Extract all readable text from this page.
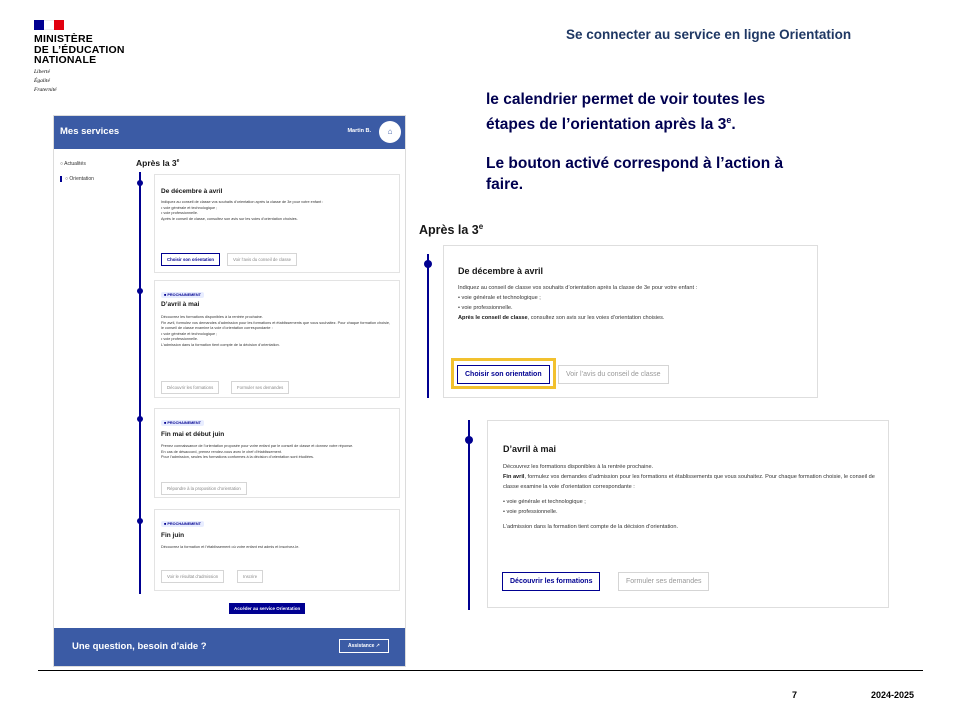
MINISTÈRE
DE L’ÉDUCATION
NATIONALE
Liberté
Égalité
Fraternité
Se connecter au service en ligne Orientation

le calendrier permet de voir toutes les étapes de l’orientation après la 3e.

Le bouton activé correspond à l’action à faire.

Mes services	Martin B.	⌂
○ Actualités
○ Orientation
Après la 3e
De décembre à avril
Indiquez au conseil de classe vos souhaits d’orientation après la classe de 3e pour votre enfant :
• voie générale et technologique ;
• voie professionnelle.
Après le conseil de classe, consultez son avis sur les voies d’orientation choisies.
Choisir son orientation	Voir l’avis du conseil de classe
■ PROCHAINEMENT
D’avril à mai
Découvrez les formations disponibles à la rentrée prochaine.
Fin avril, formulez vos demandes d’admission pour les formations et établissements que vous souhaitez. Pour chaque formation choisie, le conseil de classe examine la voie d’orientation correspondante :
• voie générale et technologique ;
• voie professionnelle.
L’admission dans la formation tient compte de la décision d’orientation.
Découvrir les formations	Formuler ses demandes
■ PROCHAINEMENT
Fin mai et début juin
Prenez connaissance de l’orientation proposée pour votre enfant par le conseil de classe et donnez votre réponse.
En cas de désaccord, prenez rendez-vous avec le chef d’établissement.
Pour l’admission, seules les formations conformes à la décision d’orientation sont étudiées.
Répondre à la proposition d’orientation
■ PROCHAINEMENT
Fin juin
Découvrez la formation et l’établissement où votre enfant est admis et inscrivez-le.
Voir le résultat d’admission	Inscrire
Accéder au service Orientation
Une question, besoin d’aide ?	Assistance ↗
Après la 3e
De décembre à avril
Indiquez au conseil de classe vos souhaits d’orientation après la classe de 3e pour votre enfant :
• voie générale et technologique ;
• voie professionnelle.
Après le conseil de classe, consultez son avis sur les voies d’orientation choisies.
Choisir son orientation	Voir l’avis du conseil de classe
D’avril à mai
Découvrez les formations disponibles à la rentrée prochaine.
Fin avril, formulez vos demandes d’admission pour les formations et établissements que vous souhaitez. Pour chaque formation choisie, le conseil de classe examine la voie d’orientation correspondante :
• voie générale et technologique ;
• voie professionnelle.
L’admission dans la formation tient compte de la décision d’orientation.
Découvrir les formations	Formuler ses demandes
7	2024-2025
